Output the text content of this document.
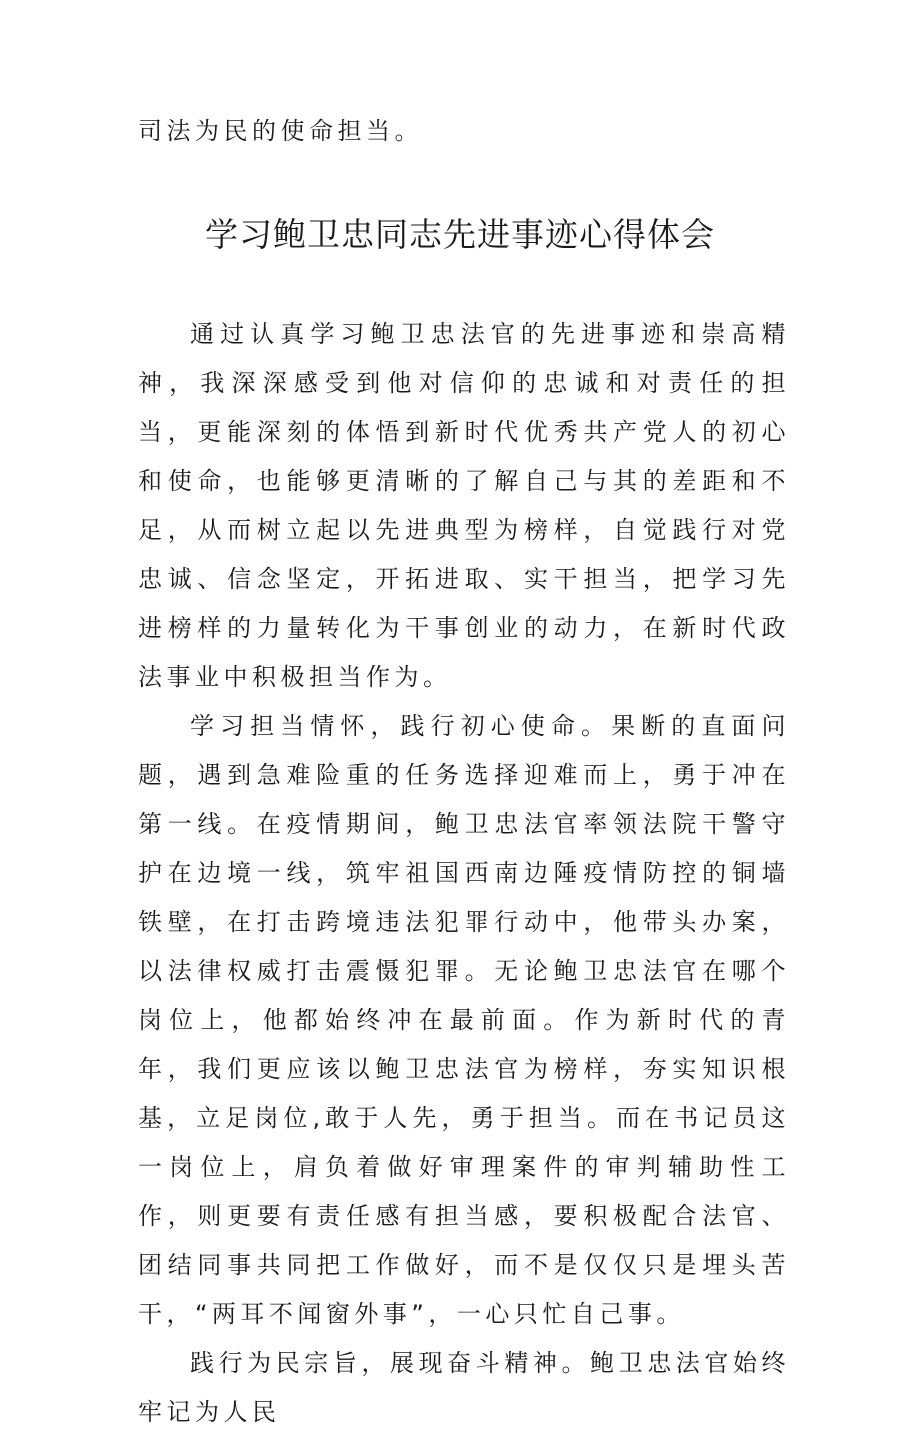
司法为民的使命担当。
学习鲍卫忠同志先进事迹心得体会

通过认真学习鲍卫忠法官的先进事迹和崇高精神，我深深感受到他对信仰的忠诚和对责任的担当，更能深刻的体悟到新时代优秀共产党人的初心和使命，也能够更清晰的了解自己与其的差距和不足，从而树立起以先进典型为榜样，自觉践行对党忠诚、信念坚定，开拓进取、实干担当，把学习先进榜样的力量转化为干事创业的动力，在新时代政法事业中积极担当作为。

学习担当情怀，践行初心使命。果断的直面问题，遇到急难险重的任务选择迎难而上，勇于冲在第一线。在疫情期间，鲍卫忠法官率领法院干警守护在边境一线，筑牢祖国西南边陲疫情防控的铜墙铁壁，在打击跨境违法犯罪行动中，他带头办案，以法律权威打击震慑犯罪。无论鲍卫忠法官在哪个岗位上，他都始终冲在最前面。作为新时代的青年，我们更应该以鲍卫忠法官为榜样，夯实知识根基，立足岗位,敢于人先，勇于担当。而在书记员这一岗位上，肩负着做好审理案件的审判辅助性工作，则更要有责任感有担当感，要积极配合法官、团结同事共同把工作做好，而不是仅仅只是埋头苦干，“两耳不闻窗外事”，一心只忙自己事。

践行为民宗旨，展现奋斗精神。鲍卫忠法官始终牢记为人民
